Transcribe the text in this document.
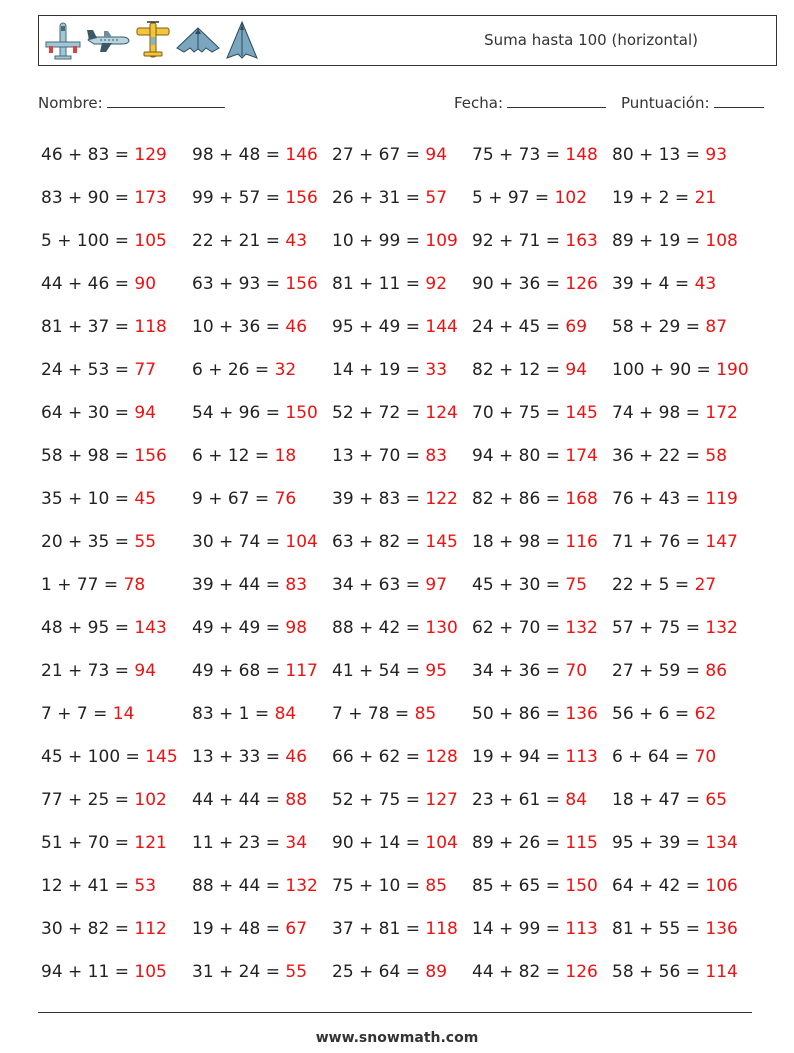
Suma hasta 100 (horizontal)
Nombre:	Fecha:	Puntuación:
46 + 83 = 129	98 + 48 = 146 27 + 67 = 94	75 + 73 = 148 80 + 13 = 93
83 + 90 = 173	99 + 57 = 156 26 + 31 = 57	5 + 97 = 102	19 + 2 = 21
5 + 100 = 105	22 + 21 = 43	10 + 99 = 109 92 + 71 = 163 89 + 19 = 108
44 + 46 = 90	63 + 93 = 156 81 + 11 = 92	90 + 36 = 126 39 + 4 = 43
81 + 37 = 118	10 + 36 = 46	95 + 49 = 144 24 + 45 = 69	58 + 29 = 87
24 + 53 = 77	6 + 26 = 32	14 + 19 = 33	82 + 12 = 94	100 + 90 = 190
64 + 30 = 94	54 + 96 = 150 52 + 72 = 124 70 + 75 = 145 74 + 98 = 172
58 + 98 = 156	6 + 12 = 18	13 + 70 = 83	94 + 80 = 174 36 + 22 = 58
35 + 10 = 45	9 + 67 = 76	39 + 83 = 122 82 + 86 = 168 76 + 43 = 119
20 + 35 = 55	30 + 74 = 104 63 + 82 = 145 18 + 98 = 116 71 + 76 = 147
1 + 77 = 78	39 + 44 = 83	34 + 63 = 97	45 + 30 = 75	22 + 5 = 27
48 + 95 = 143	49 + 49 = 98	88 + 42 = 130 62 + 70 = 132 57 + 75 = 132
21 + 73 = 94	49 + 68 = 117 41 + 54 = 95	34 + 36 = 70	27 + 59 = 86
7 + 7 = 14	83 + 1 = 84	7 + 78 = 85	50 + 86 = 136 56 + 6 = 62
45 + 100 = 145 13 + 33 = 46	66 + 62 = 128 19 + 94 = 113 6 + 64 = 70
77 + 25 = 102	44 + 44 = 88	52 + 75 = 127 23 + 61 = 84	18 + 47 = 65
51 + 70 = 121	11 + 23 = 34	90 + 14 = 104 89 + 26 = 115 95 + 39 = 134
12 + 41 = 53	88 + 44 = 132 75 + 10 = 85	85 + 65 = 150 64 + 42 = 106
30 + 82 = 112	19 + 48 = 67	37 + 81 = 118 14 + 99 = 113 81 + 55 = 136
94 + 11 = 105	31 + 24 = 55	25 + 64 = 89	44 + 82 = 126 58 + 56 = 114
www.snowmath.com
